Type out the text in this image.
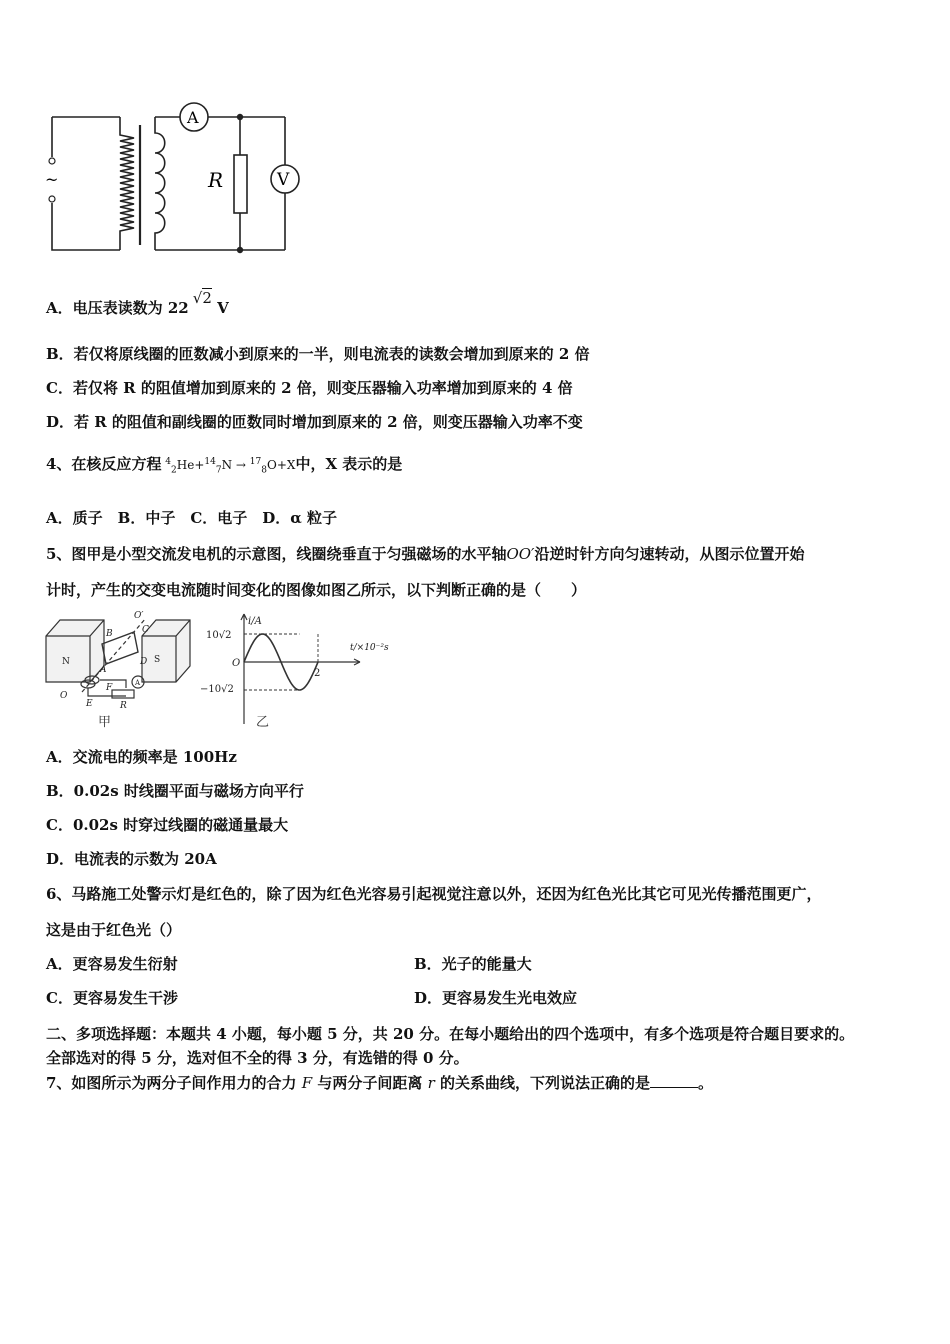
~
A
V
R
A．电压表读数为 22√2 V
B．若仅将原线圈的匝数减小到原来的一半，则电流表的读数会增加到原来的 2 倍
C．若仅将 R 的阻值增加到原来的 2 倍，则变压器输入功率增加到原来的 4 倍
D．若 R 的阻值和副线圈的匝数同时增加到原来的 2 倍，则变压器输入功率不变
4、在核反应方程 $^4_2$He+$^{14}_7$N → $^{17}_8$O+X中，X 表示的是
A．质子　B．中子　C．电子　D．α 粒子
5、图甲是小型交流发电机的示意图，线圈绕垂直于匀强磁场的水平轴OO′沿逆时针方向匀速转动，从图示位置开始
计时，产生的交变电流随时间变化的图像如图乙所示，以下判断正确的是（　　）
N	S
O′
B	C
A
D
O
E
F
R
A
甲
i/A
t/×10⁻²s
10√2
−10√2
O
2
乙
A．交流电的频率是 100Hz
B．0.02s 时线圈平面与磁场方向平行
C．0.02s 时穿过线圈的磁通量最大
D．电流表的示数为 20A
6、马路施工处警示灯是红色的，除了因为红色光容易引起视觉注意以外，还因为红色光比其它可见光传播范围更广，
这是由于红色光（）
A．更容易发生衍射	B．光子的能量大
C．更容易发生干涉	D．更容易发生光电效应
二、多项选择题：本题共 4 小题，每小题 5 分，共 20 分。在每小题给出的四个选项中，有多个选项是符合题目要求的。
全部选对的得 5 分，选对但不全的得 3 分，有选错的得 0 分。
7、如图所示为两分子间作用力的合力 F 与两分子间距离 r 的关系曲线，下列说法正确的是	。
